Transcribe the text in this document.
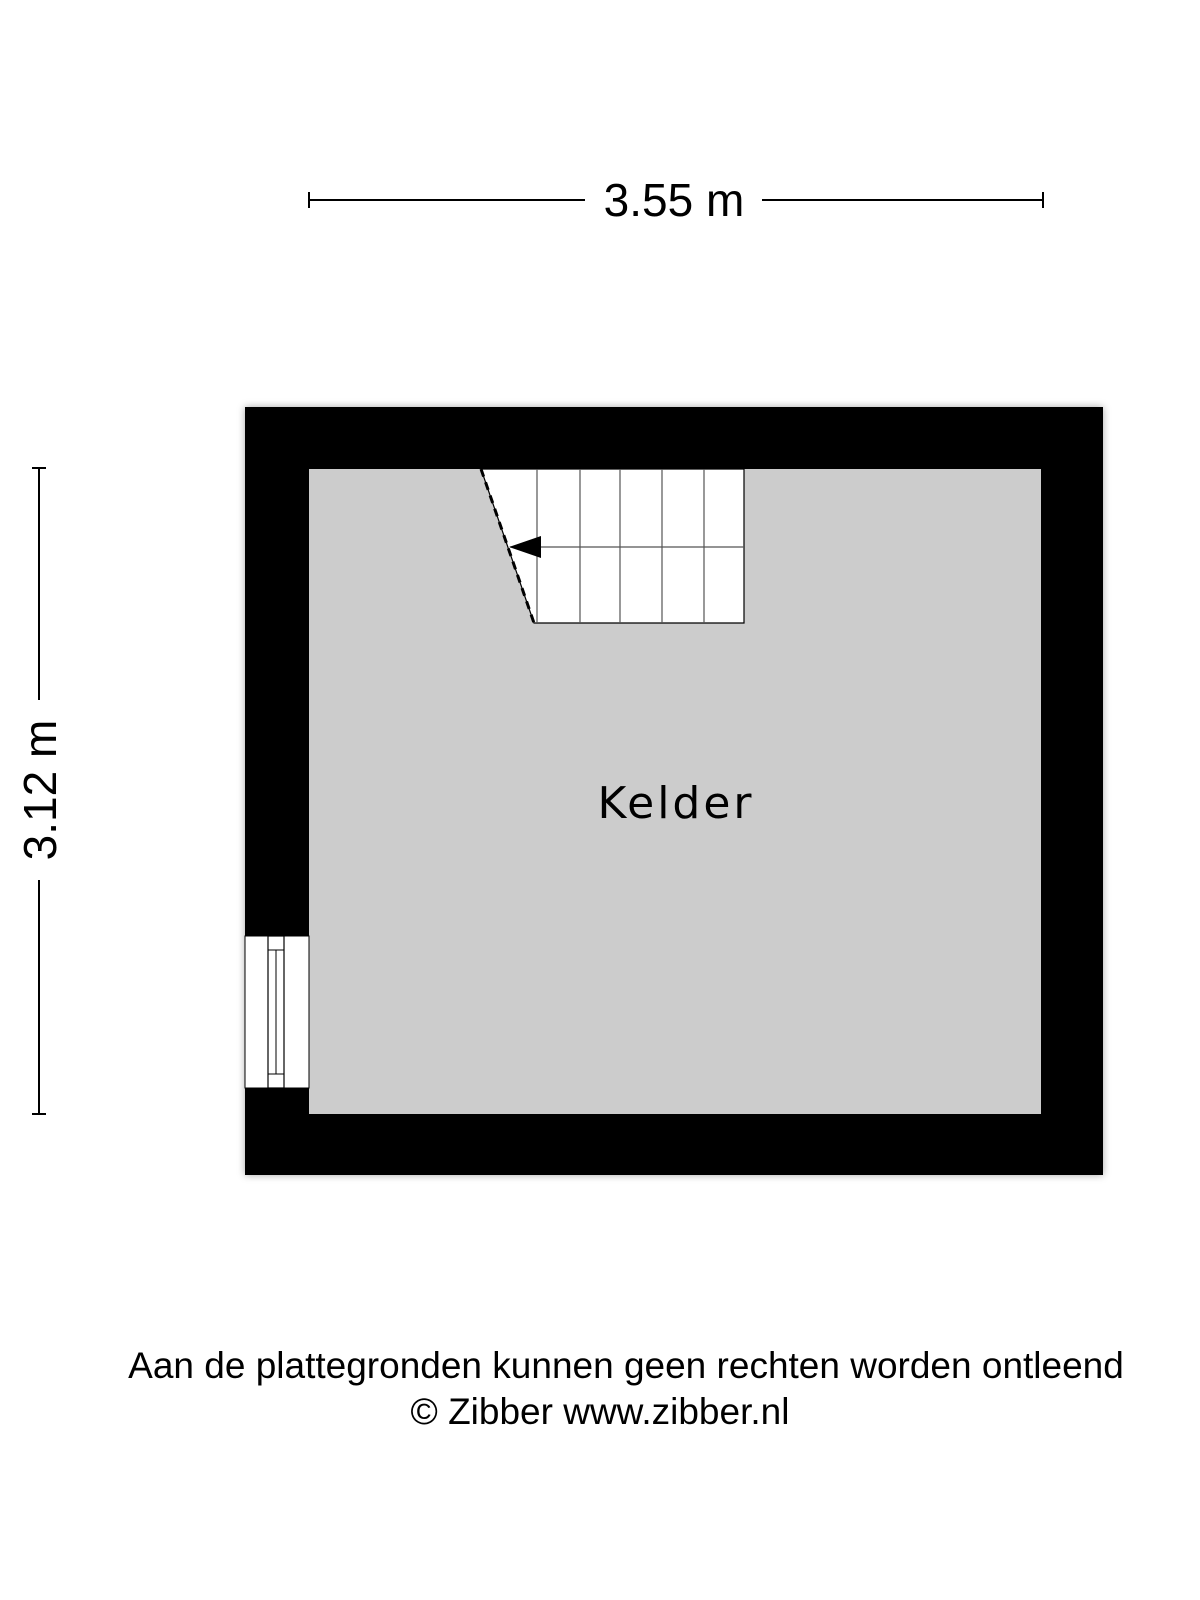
3.55 m
3.12 m	Kelder
Aan de plattegronden kunnen geen rechten worden ontleend
© Zibber www.zibber.nl
